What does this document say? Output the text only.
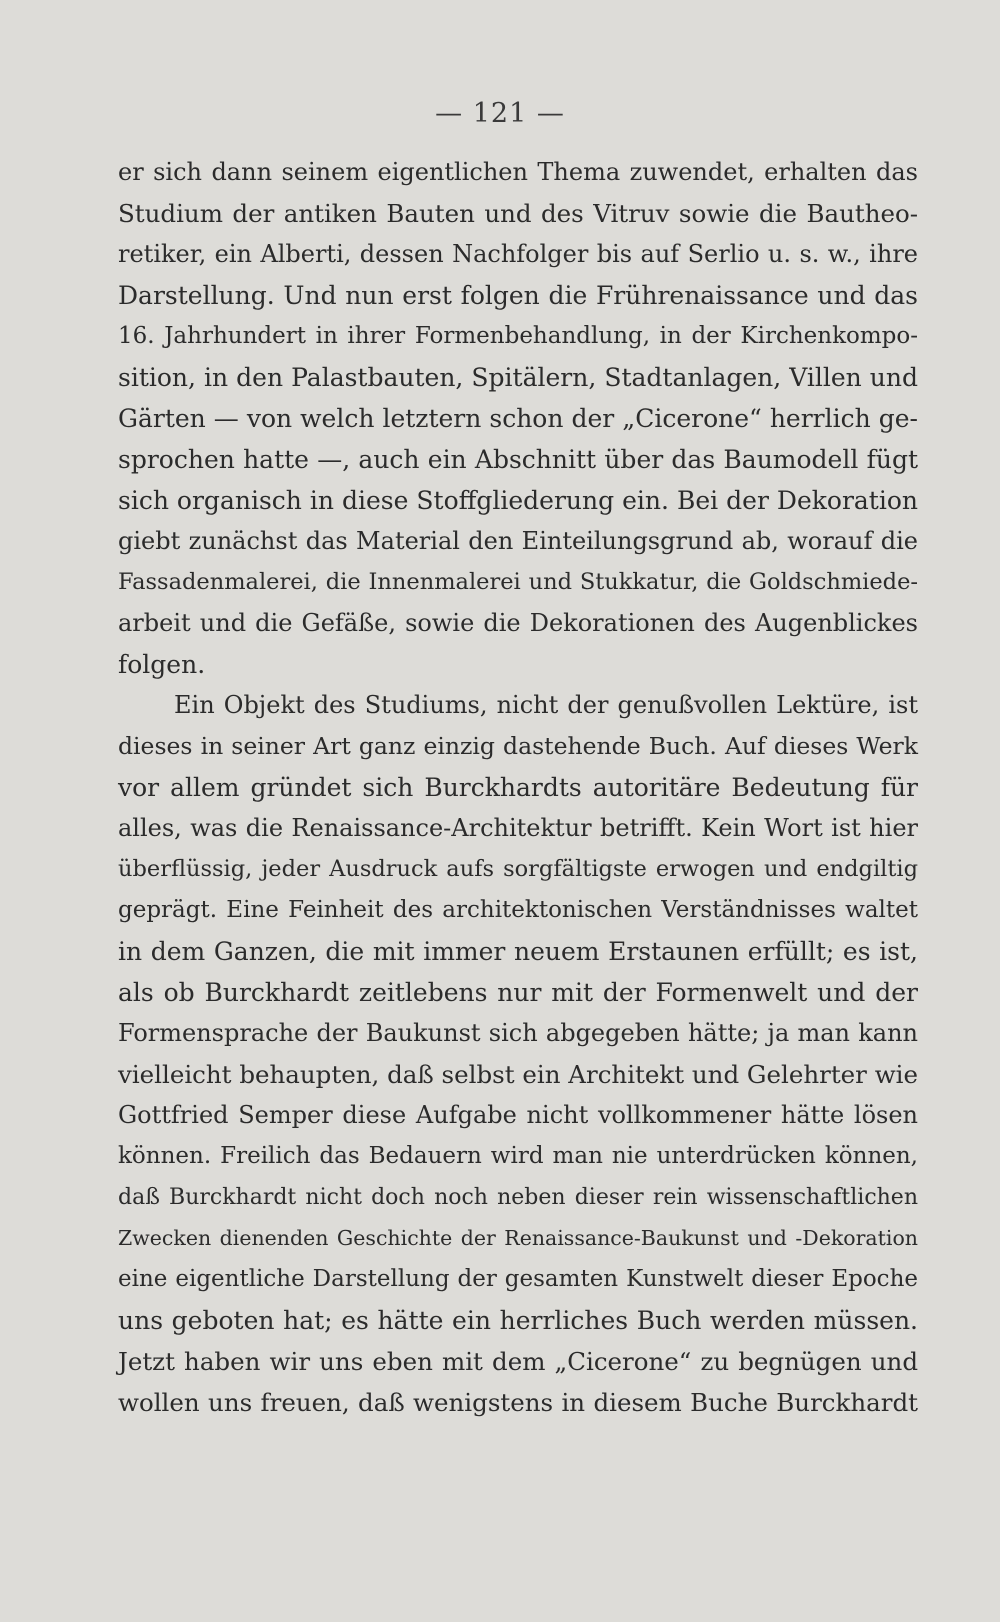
— 121 —
er sich dann seinem eigentlichen Thema zuwendet, erhalten das
Studium der antiken Bauten und des Vitruv sowie die Bautheo-
retiker, ein Alberti, dessen Nachfolger bis auf Serlio u. s. w., ihre
Darstellung. Und nun erst folgen die Frührenaissance und das
16. Jahrhundert in ihrer Formenbehandlung, in der Kirchenkompo-
sition, in den Palastbauten, Spitälern, Stadtanlagen, Villen und
Gärten — von welch letztern schon der „Cicerone“ herrlich ge-
sprochen hatte —, auch ein Abschnitt über das Baumodell fügt
sich organisch in diese Stoffgliederung ein. Bei der Dekoration
giebt zunächst das Material den Einteilungsgrund ab, worauf die
Fassadenmalerei, die Innenmalerei und Stukkatur, die Goldschmiede-
arbeit und die Gefäße, sowie die Dekorationen des Augenblickes
folgen.
Ein Objekt des Studiums, nicht der genußvollen Lektüre, ist
dieses in seiner Art ganz einzig dastehende Buch. Auf dieses Werk
vor allem gründet sich Burckhardts autoritäre Bedeutung für
alles, was die Renaissance-Architektur betrifft. Kein Wort ist hier
überflüssig, jeder Ausdruck aufs sorgfältigste erwogen und endgiltig
geprägt. Eine Feinheit des architektonischen Verständnisses waltet
in dem Ganzen, die mit immer neuem Erstaunen erfüllt; es ist,
als ob Burckhardt zeitlebens nur mit der Formenwelt und der
Formensprache der Baukunst sich abgegeben hätte; ja man kann
vielleicht behaupten, daß selbst ein Architekt und Gelehrter wie
Gottfried Semper diese Aufgabe nicht vollkommener hätte lösen
können. Freilich das Bedauern wird man nie unterdrücken können,
daß Burckhardt nicht doch noch neben dieser rein wissenschaftlichen
Zwecken dienenden Geschichte der Renaissance-Baukunst und -Dekoration
eine eigentliche Darstellung der gesamten Kunstwelt dieser Epoche
uns geboten hat; es hätte ein herrliches Buch werden müssen.
Jetzt haben wir uns eben mit dem „Cicerone“ zu begnügen und
wollen uns freuen, daß wenigstens in diesem Buche Burckhardt
